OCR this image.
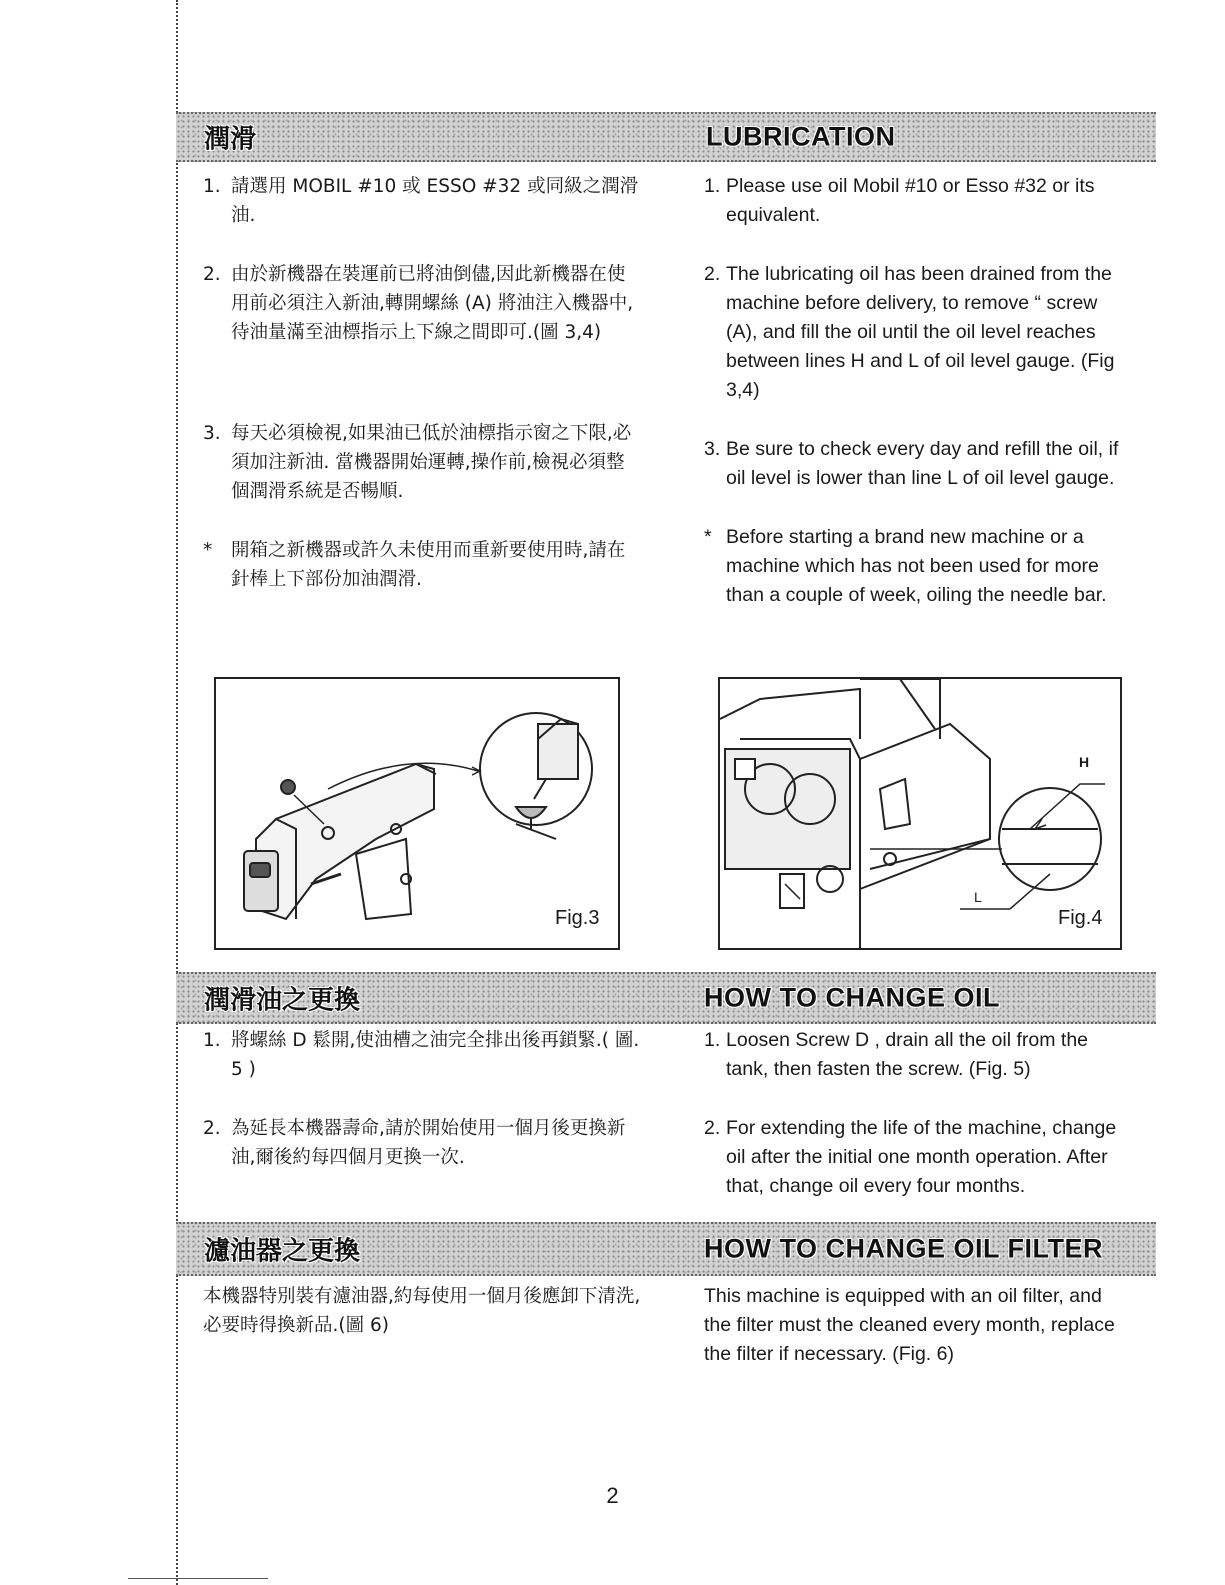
潤滑	LUBRICATION
1. 請選用 MOBIL #10 或 ESSO #32 或同級之潤滑油.
2. 由於新機器在裝運前已將油倒儘,因此新機器在使用前必須注入新油,轉開螺絲 (A) 將油注入機器中,待油量滿至油標指示上下線之間即可.(圖 3,4)
3. 每天必須檢視,如果油已低於油標指示窗之下限,必須加注新油. 當機器開始運轉,操作前,檢視必須整個潤滑系統是否暢順.
*	開箱之新機器或許久未使用而重新要使用時,請在針棒上下部份加油潤滑.
1. Please use oil Mobil #10 or Esso #32 or its equivalent.
2. The lubricating oil has been drained from the machine before delivery, to remove “ screw (A), and fill the oil until the oil level reaches between lines H and L of oil level gauge. (Fig 3,4)
3. Be sure to check every day and refill the oil, if oil level is lower than line L of oil level gauge.
* Before starting a brand new machine or a machine which has not been used for more than a couple of week, oiling the needle bar.
Fig.3
H
L
Fig.4
潤滑油之更換	HOW TO CHANGE OIL
1. 將螺絲 D 鬆開,使油槽之油完全排出後再鎖緊.( 圖. 5 )
2. 為延長本機器壽命,請於開始使用一個月後更換新油,爾後約每四個月更換一次.
1. Loosen Screw D , drain all the oil from the tank, then fasten the screw. (Fig. 5)
2. For extending the life of the machine, change oil after the initial one month operation. After that, change oil every four months.
濾油器之更換	HOW TO CHANGE OIL FILTER
本機器特別裝有濾油器,約每使用一個月後應卸下清洗,必要時得換新品.(圖 6)
This machine is equipped with an oil filter, and the filter must the cleaned every month, replace the filter if necessary. (Fig. 6)
2
